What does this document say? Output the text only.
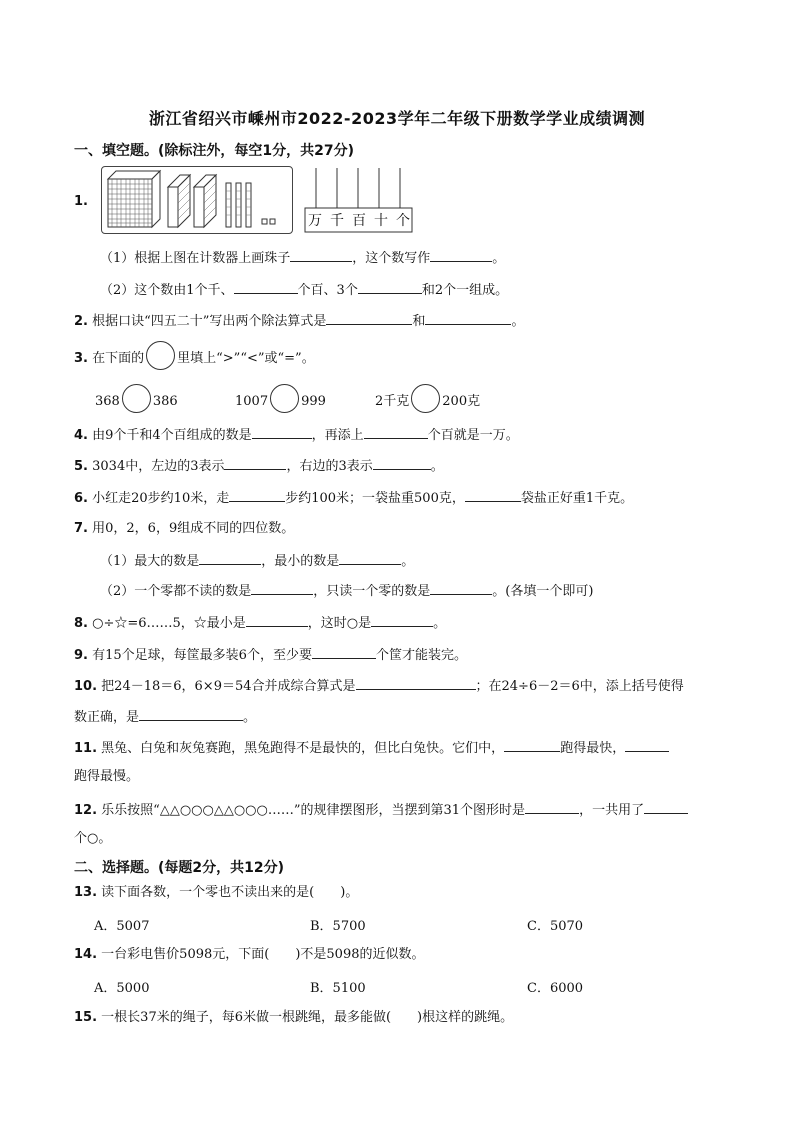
浙江省绍兴市嵊州市2022-2023学年二年级下册数学学业成绩调测
一、填空题。(除标注外，每空1分，共27分)
1.
万 千 百 十 个
（1）根据上图在计数器上画珠子	，这个数写作	。
（2）这个数由1个千、	个百、3个	和2个一组成。
2. 根据口诀“四五二十”写出两个除法算式是	和	。
3. 在下面的	里填上“>”“<”或“=”。
368	386	1007	999	2千克	200克
4. 由9个千和4个百组成的数是	，再添上	个百就是一万。
5. 3034中，左边的3表示	，右边的3表示	。
6. 小红走20步约10米，走	步约100米；一袋盐重500克，	袋盐正好重1千克。
7. 用0，2，6，9组成不同的四位数。
（1）最大的数是	，最小的数是	。
（2）一个零都不读的数是	，只读一个零的数是	。(各填一个即可)
8. ○÷☆=6……5，☆最小是	，这时○是	。
9. 有15个足球，每筐最多装6个，至少要	个筐才能装完。
10. 把24－18＝6，6×9＝54合并成综合算式是	；在24÷6－2＝6中，添上括号使得
数正确，是	。
11. 黑兔、白兔和灰兔赛跑，黑兔跑得不是最快的，但比白兔快。它们中，	跑得最快，
跑得最慢。
12. 乐乐按照“△△○○○△△○○○……”的规律摆图形，当摆到第31个图形时是	，一共用了
个○。
二、选择题。(每题2分，共12分)
13. 读下面各数，一个零也不读出来的是(　　)。
A．5007	B．5700	C．5070
14. 一台彩电售价5098元，下面(　　)不是5098的近似数。
A．5000	B．5100	C．6000
15. 一根长37米的绳子，每6米做一根跳绳，最多能做(　　)根这样的跳绳。
